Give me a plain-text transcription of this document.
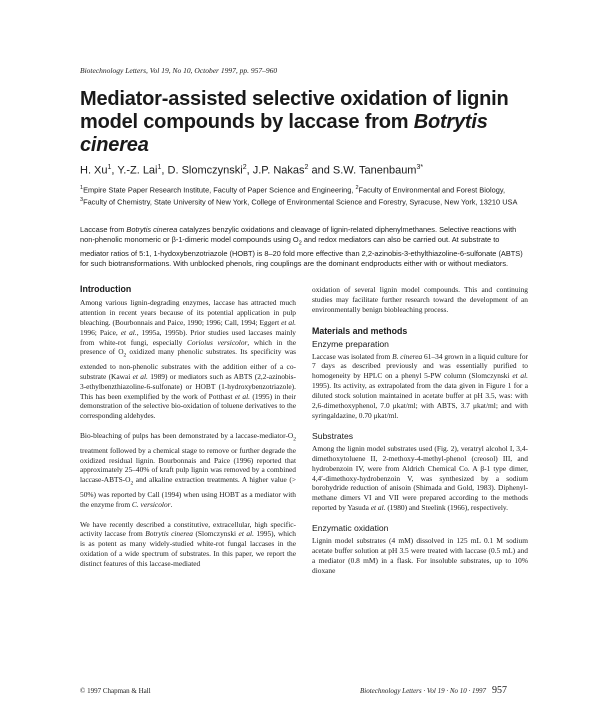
Biotechnology Letters, Vol 19, No 10, October 1997, pp. 957–960
Mediator-assisted selective oxidation of lignin model compounds by laccase from Botrytis cinerea
H. Xu$^1$, Y.-Z. Lai$^1$, D. Slomczynski$^2$, J.P. Nakas$^2$ and S.W. Tanenbaum$^{3*}$
$^1$Empire State Paper Research Institute, Faculty of Paper Science and Engineering, $^2$Faculty of Environmental and Forest Biology, $^3$Faculty of Chemistry, State University of New York, College of Environmental Science and Forestry, Syracuse, New York, 13210 USA
Laccase from Botrytis cinerea catalyzes benzylic oxidations and cleavage of lignin-related diphenylmethanes. Selective reactions with non-phenolic monomeric or β-1-dimeric model compounds using $O_2$ and redox mediators can also be carried out. At substrate to mediator ratios of 5:1, 1-hydoxybenzotriazole (HOBT) is 8–20 fold more effective than 2,2-azinobis-3-ethylthiazoline-6-sulfonate (ABTS) for such biotransformations. With unblocked phenols, ring couplings are the dominant endproducts either with or without mediators.
Introduction

Among various lignin-degrading enzymes, laccase has attracted much attention in recent years because of its potential application in pulp bleaching. (Bourbonnais and Paice, 1990; 1996; Call, 1994; Eggert et al. 1996; Paice, et al., 1995a, 1995b). Prior studies used laccases mainly from white-rot fungi, especially Coriolus versicolor, which in the presence of $O_2$ oxidized many phenolic substrates. Its specificity was extended to non-phenolic substrates with the addition either of a co-substrate (Kawai et al. 1989) or mediators such as ABTS (2,2-azinobis-3-ethylbenzthiazoline-6-sulfonate) or HOBT (1-hydroxybenzotriazole). This has been exemplified by the work of Potthast et al. (1995) in their demonstration of the selective bio-oxidation of toluene derivatives to the corresponding aldehydes.

Bio-bleaching of pulps has been demonstrated by a laccase-$mediator-O_2$ treatment followed by a chemical stage to remove or further degrade the oxidized residual lignin. Bourbonnais and Paice (1996) reported that approximately 25–40% of kraft pulp lignin was removed by a combined laccase-$ABTS-O_2$ and alkaline extraction treatments. A higher value (> 50%) was reported by Call (1994) when using HOBT as a mediator with the enzyme from C. versicolor.

We have recently described a constitutive, extracellular, high specific-activity laccase from Botrytis cinerea (Slomczynski et al. 1995), which is as potent as many widely-studied white-rot fungal laccases in the oxidation of a wide spectrum of substrates. In this paper, we report the distinct features of this laccase-mediated

oxidation of several lignin model compounds. This and continuing studies may facilitate further research toward the development of an environmentally benign biobleaching process.

Materials and methods
Enzyme preparation

Laccase was isolated from B. cinerea 61–34 grown in a liquid culture for 7 days as described previously and was essentially purified to homogeneity by HPLC on a phenyl 5-PW column (Slomczynski et al. 1995). Its activity, as extrapolated from the data given in Figure 1 for a diluted stock solution maintained in acetate buffer at pH 3.5, was: with 2,6-dimethoxyphenol, 7.0 μkat/ml; with ABTS, 3.7 μkat/ml; and with syringaldazine, 0.70 μkat/ml.

Substrates

Among the lignin model substrates used (Fig. 2), veratryl alcohol I, 3,4-dimethoxytoluene II, 2-methoxy-4-methyl-phenol (creosol) III, and hydrobenzoin IV, were from Aldrich Chemical Co. A β-1 type dimer, 4,4′-dimethoxy-hydrobenzoin V, was synthesized by a sodium borohydride reduction of anisoin (Shimada and Gold, 1983). Diphenyl-methane dimers VI and VII were prepared according to the methods reported by Yasuda et al. (1980) and Steelink (1966), respectively.

Enzymatic oxidation

Lignin model substrates (4 mM) dissolved in 125 mL 0.1 M sodium acetate buffer solution at pH 3.5 were treated with laccase (0.5 mL) and a mediator (0.8 mM) in a flask. For insoluble substrates, up to 10% dioxane

© 1997 Chapman & Hall	Biotechnology Letters · Vol 19 · No 10 · 1997 957
